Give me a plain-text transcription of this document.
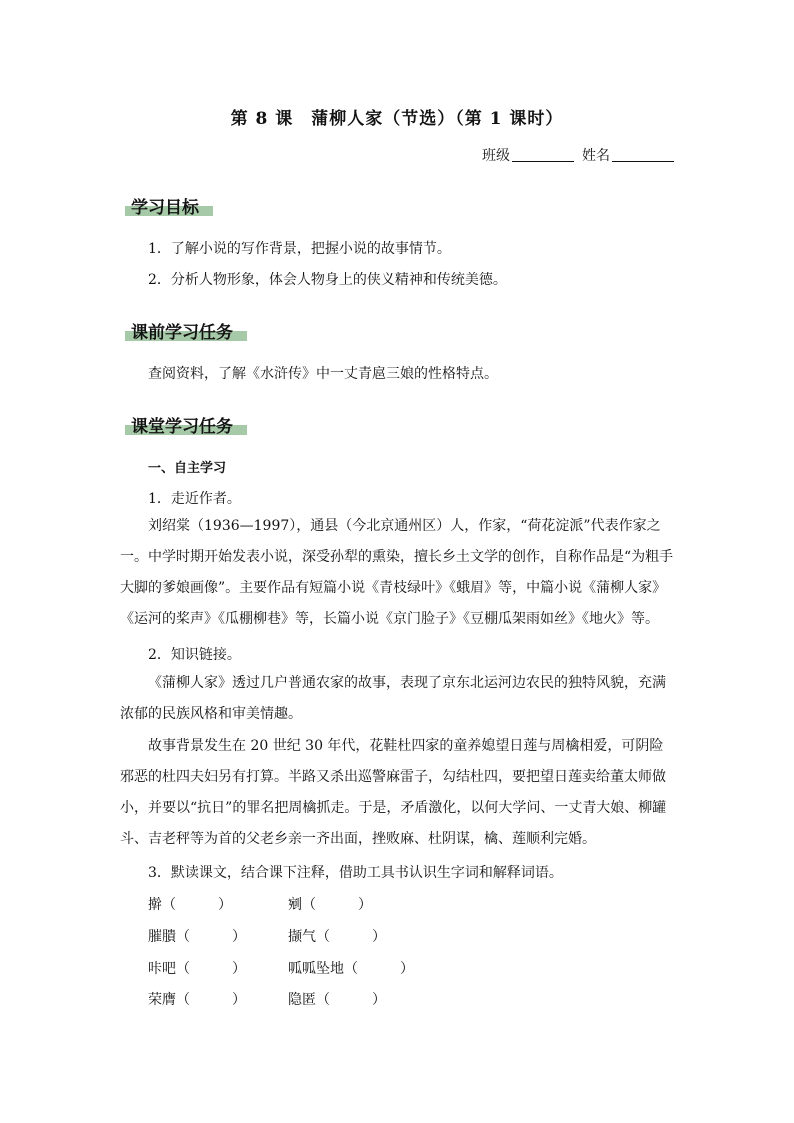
第 8 课 蒲柳人家（节选）（第 1 课时）
班级	姓名
学习目标
1．了解小说的写作背景，把握小说的故事情节。
2．分析人物形象，体会人物身上的侠义精神和传统美德。
课前学习任务
查阅资料，了解《水浒传》中一丈青扈三娘的性格特点。
课堂学习任务
一、自主学习
1．走近作者。
刘绍棠（1936—1997），通县（今北京通州区）人，作家，“荷花淀派”代表作家之一。中学时期开始发表小说，深受孙犁的熏染，擅长乡土文学的创作，自称作品是“为粗手大脚的爹娘画像”。主要作品有短篇小说《青枝绿叶》《蛾眉》等，中篇小说《蒲柳人家》《运河的桨声》《瓜棚柳巷》等，长篇小说《京门脸子》《豆棚瓜架雨如丝》《地火》等。
2．知识链接。
《蒲柳人家》透过几户普通农家的故事，表现了京东北运河边农民的独特风貌，充满浓郁的民族风格和审美情趣。
故事背景发生在 20 世纪 30 年代，花鞋杜四家的童养媳望日莲与周檎相爱，可阴险邪恶的杜四夫妇另有打算。半路又杀出巡警麻雷子，勾结杜四，要把望日莲卖给董太师做小，并要以“抗日”的罪名把周檎抓走。于是，矛盾激化，以何大学问、一丈青大娘、柳罐斗、吉老秤等为首的父老乡亲一齐出面，挫败麻、杜阴谋，檎、莲顺利完婚。
3．默读课文，结合课下注释，借助工具书认识生字词和解释词语。
擀（　　　）	剜（　　　）
膗膭（　　　）	撷气（　　　）
咔吧（　　　）	呱呱坠地（　　　）
荣膺（　　　）	隐匿（　　　）
